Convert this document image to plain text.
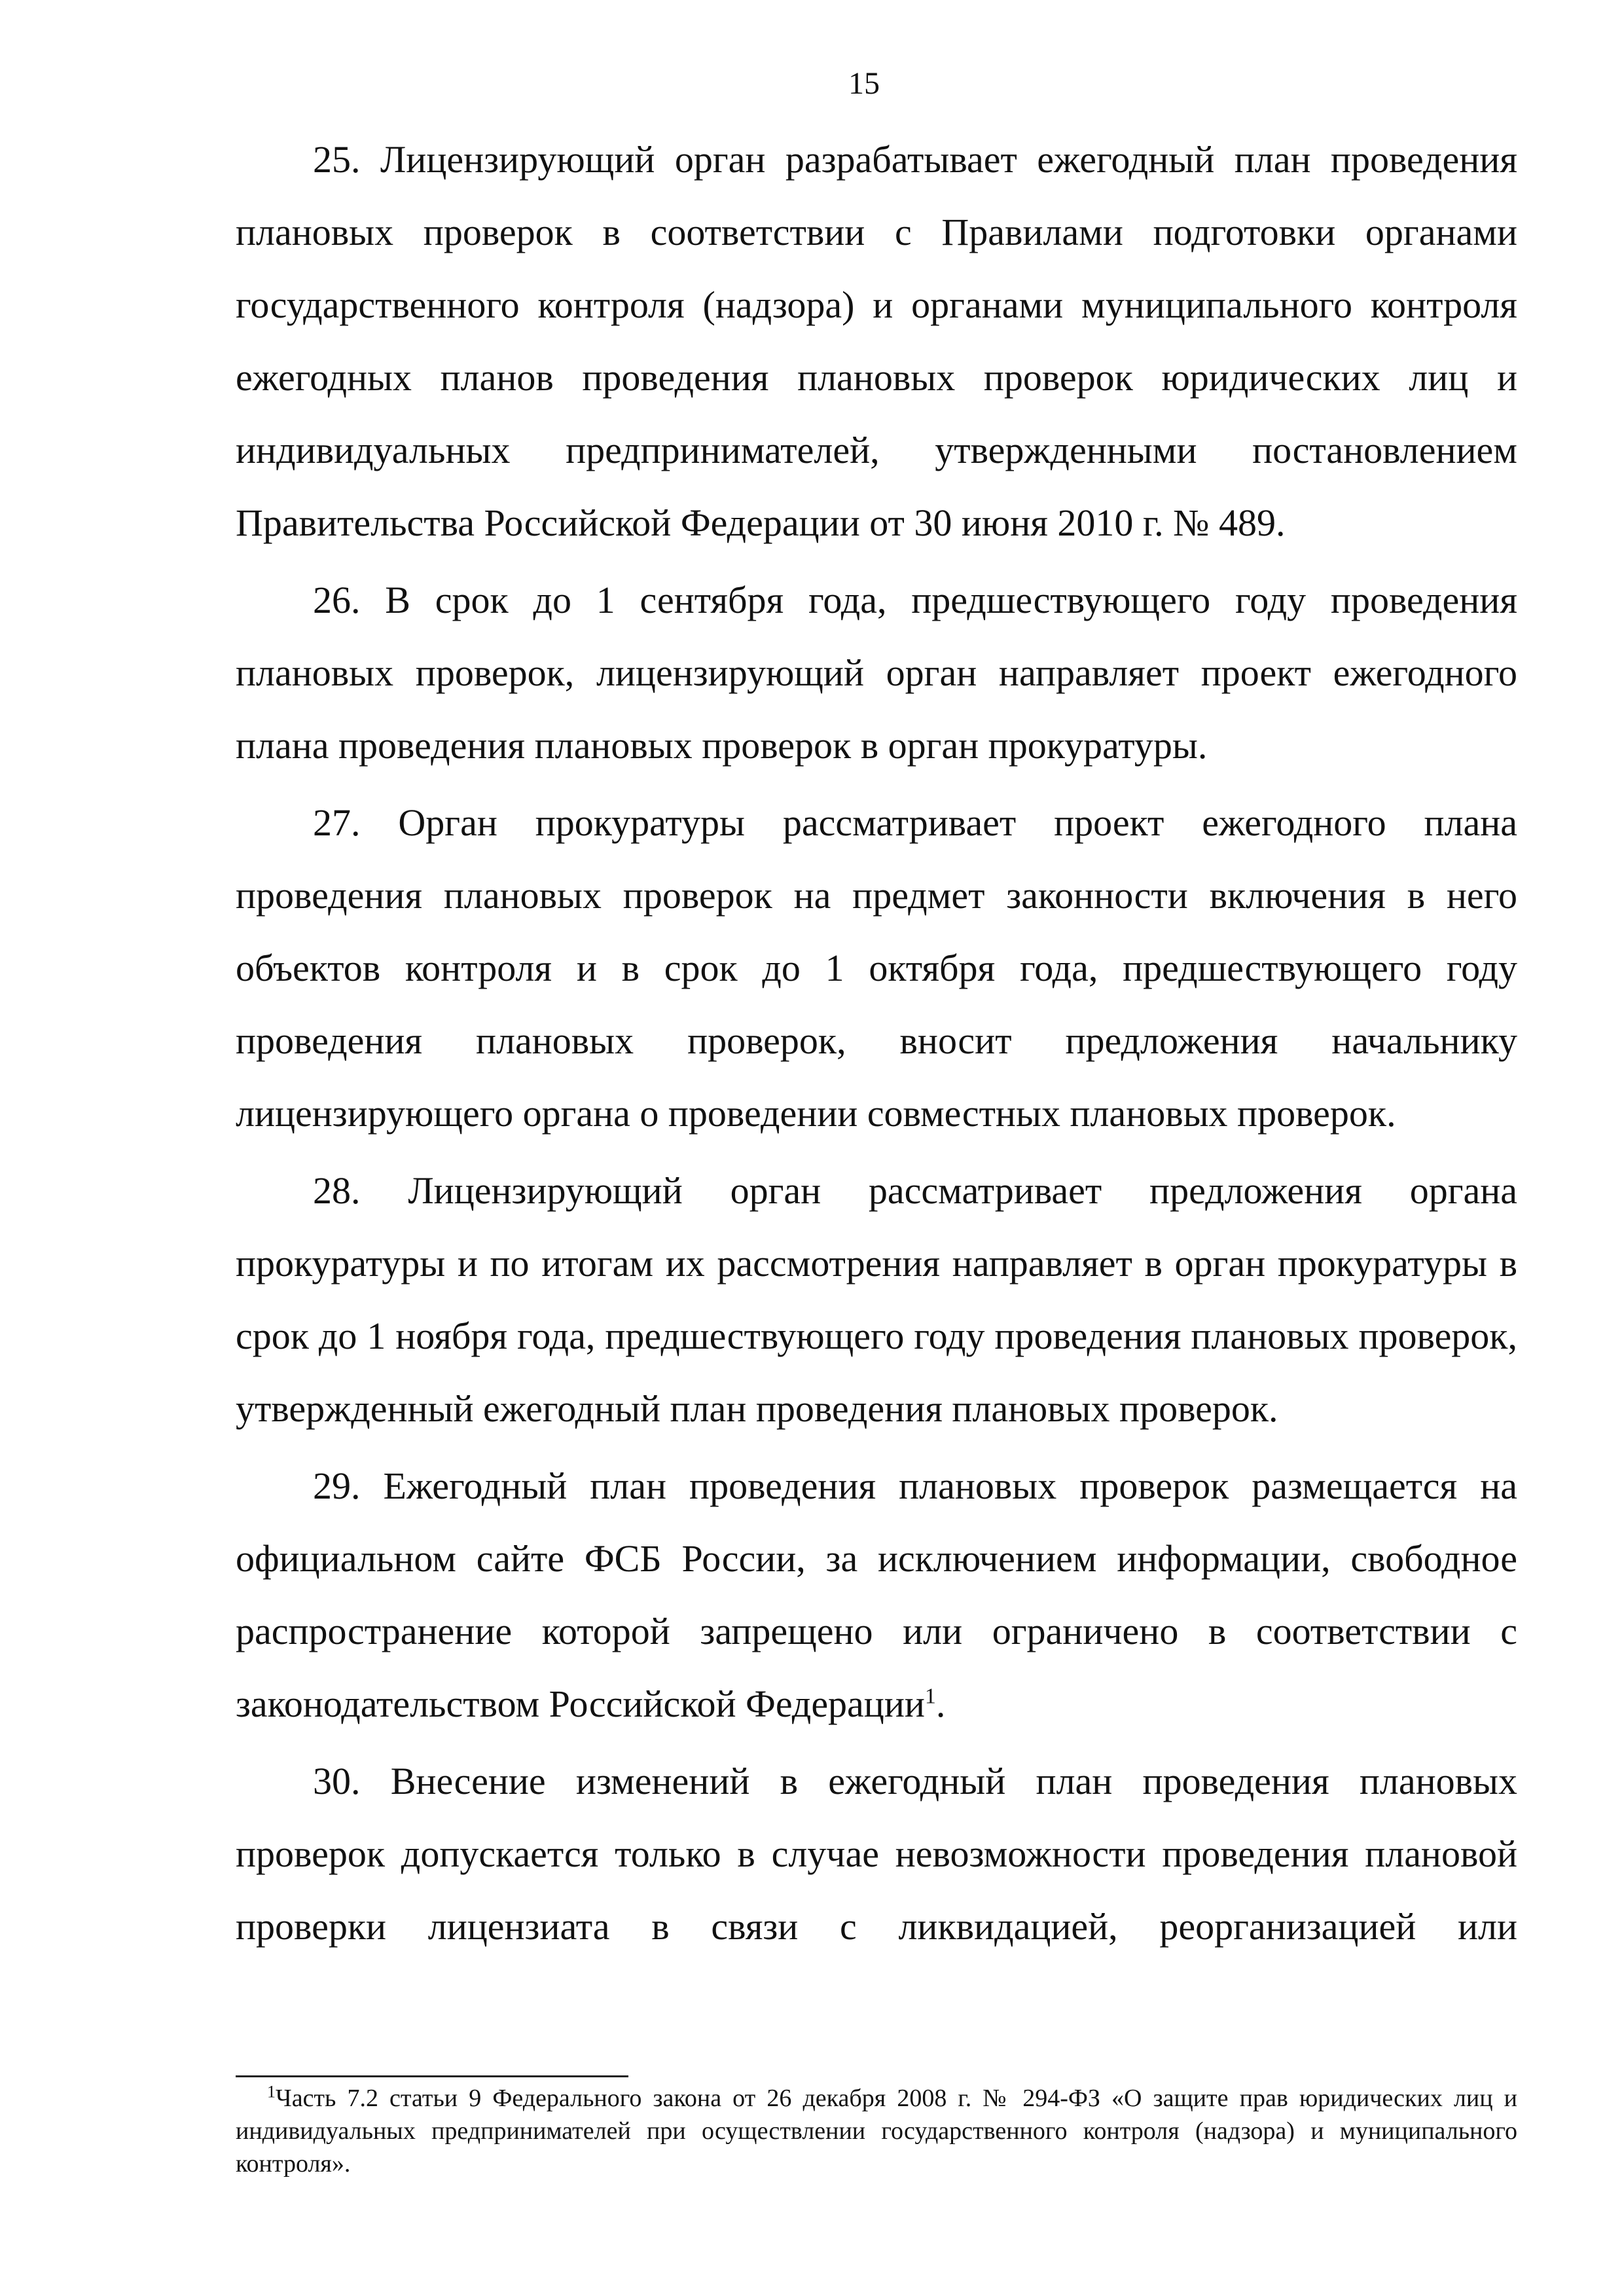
15

25. Лицензирующий орган разрабатывает ежегодный план проведения плановых проверок в соответствии с Правилами подготовки органами государственного контроля (надзора) и органами муниципального контроля ежегодных планов проведения плановых проверок юридических лиц и индивидуальных предпринимателей, утвержденными постановлением Правительства Российской Федерации от 30 июня 2010 г. № 489.

26. В срок до 1 сентября года, предшествующего году проведения плановых проверок, лицензирующий орган направляет проект ежегодного плана проведения плановых проверок в орган прокуратуры.

27. Орган прокуратуры рассматривает проект ежегодного плана проведения плановых проверок на предмет законности включения в него объектов контроля и в срок до 1 октября года, предшествующего году проведения плановых проверок, вносит предложения начальнику лицензирующего органа о проведении совместных плановых проверок.

28. Лицензирующий орган рассматривает предложения органа прокуратуры и по итогам их рассмотрения направляет в орган прокуратуры в срок до 1 ноября года, предшествующего году проведения плановых проверок, утвержденный ежегодный план проведения плановых проверок.

29. Ежегодный план проведения плановых проверок размещается на официальном сайте ФСБ России, за исключением информации, свободное распространение которой запрещено или ограничено в соответствии с законодательством Российской Федерации$^1$.

30. Внесение изменений в ежегодный план проведения плановых проверок допускается только в случае невозможности проведения плановой проверки лицензиата в связи с ликвидацией, реорганизацией или

$^1$Часть 7.2 статьи 9 Федерального закона от 26 декабря 2008 г. № 294-ФЗ «О защите прав юридических лиц и индивидуальных предпринимателей при осуществлении государственного контроля (надзора) и муниципального контроля».
